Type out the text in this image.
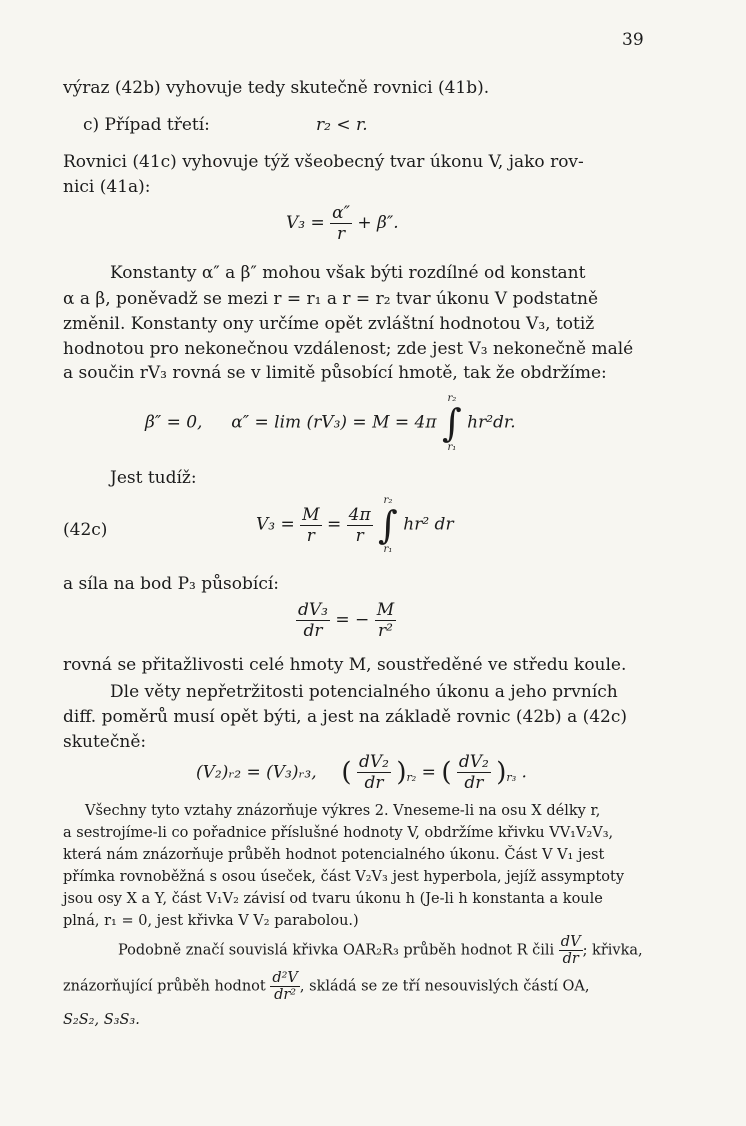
39
výraz (42b) vyhovuje tedy skutečně rovnici (41b).
c) Případ třetí:	r₂ < r.
Rovnici (41c) vyhovuje týž všeobecný tvar úkonu V, jako rov-
nici (41a):
$V_3 = \frac{\alpha''}{r} + \beta''$.
Konstanty α″ a β″ mohou však býti rozdílné od konstant
α a β, poněvadž se mezi r = r₁ a r = r₂ tvar úkonu V podstatně
změnil. Konstanty ony určíme opět zvláštní hodnotou V₃, totiž
hodnotou pro nekonečnou vzdálenost; zde jest V₃ nekonečně malé
a součin rV₃ rovná se v limitě působící hmotě, tak že obdržíme:
β″ = 0, α″ = lim (rV₃) = M = 4π
r₂
∫
r₁
hr²dr.
Jest tudíž:
(42c)	$V_3 = \frac{M}{r} = \frac{4\pi}{r}$

r₂
∫
r₁
hr² dr
a síla na bod P₃ působící:
$\frac{\text{dV₃}}{dr}$ = − $\frac{M}{\text{r²}}$
rovná se přitažlivosti celé hmoty M, soustředěné ve středu koule.
Dle věty nepřetržitosti potencialného úkonu a jeho prvních
diff. poměrů musí opět býti, a jest na základě rovnic (42b) a (42c)
skutečně:
(V₂)ᵣ₂ = (V₃)ᵣ₃, ( $\frac{\text{dV₂}}{dr} )_{r_2}$ = ( $\frac{\text{dV₂}}{dr} )_{r_3}$ .
Všechny tyto vztahy znázorňuje výkres 2. Vneseme-li na osu X délky r,
a sestrojíme-li co pořadnice příslušné hodnoty V, obdržíme křivku VV₁V₂V₃,
která nám znázorňuje průběh hodnot potencialného úkonu. Část V V₁ jest
přímka rovnoběžná s osou úseček, část V₂V₃ jest hyperbola, jejíž assymptoty
jsou osy X a Y, část V₁V₂ závisí od tvaru úkonu h (Je-li h konstanta a koule
plná, r₁ = 0, jest křivka V V₂ parabolou.)
Podobně značí souvislá křivka OAR₂R₃ průběh hodnot R čili $\frac{dV}{dr}$ ; křivka,
znázorňující průběh hodnot $\frac{\text{d²V}}{\text{dr²}}$ , skládá se ze tří nesouvislých částí OA,
S₂S₂, S₃S₃.
